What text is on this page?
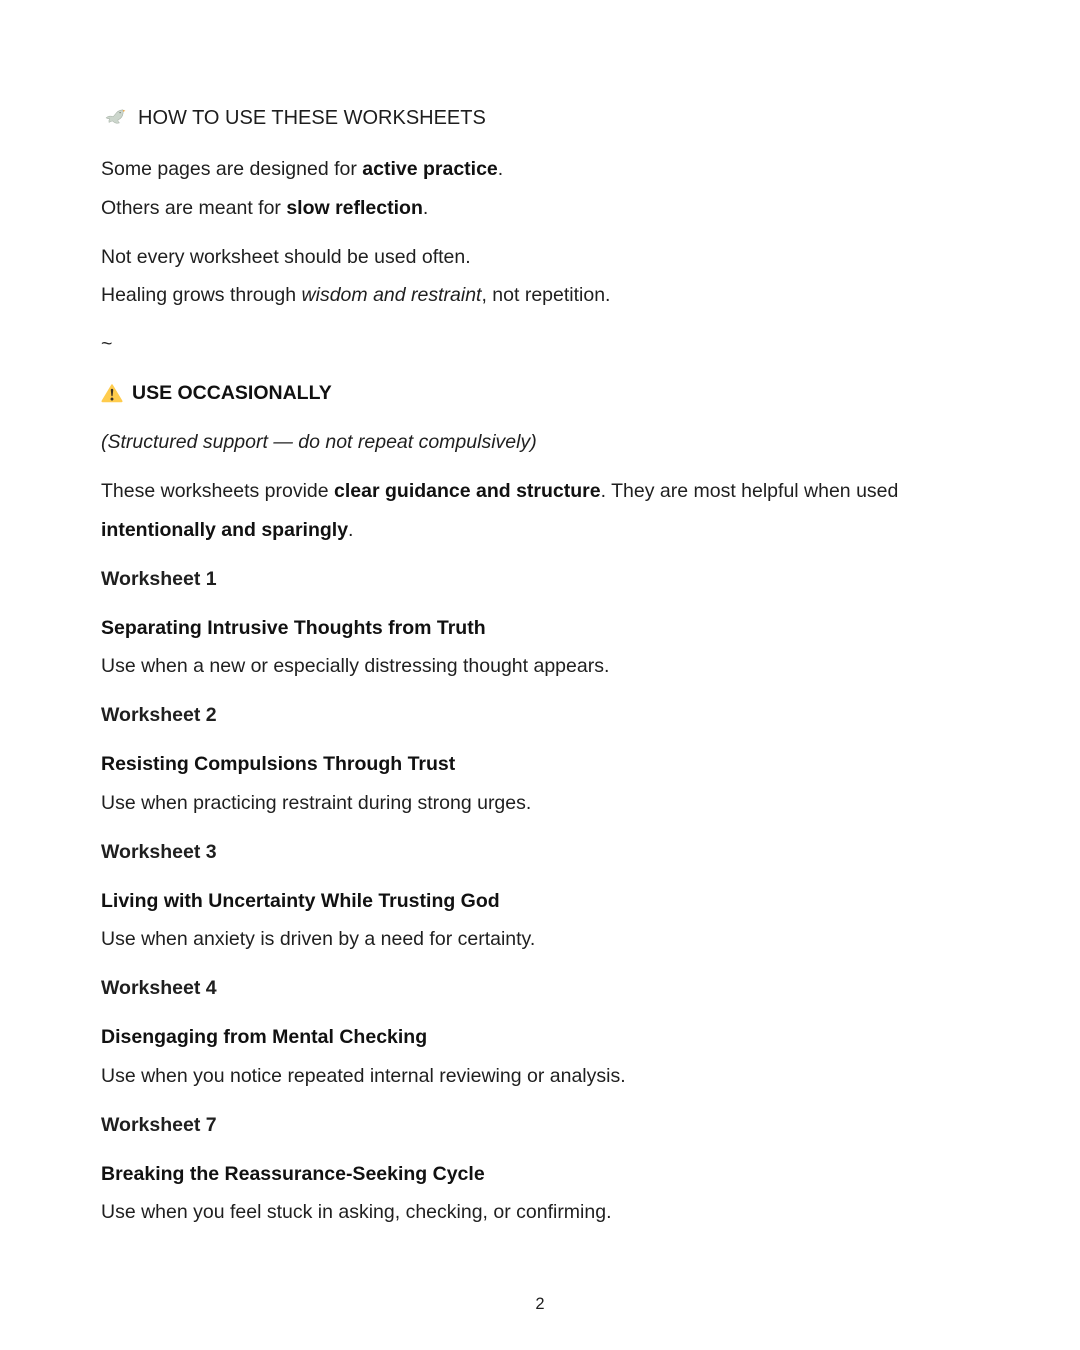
HOW TO USE THESE WORKSHEETS

Some pages are designed for active practice.
Others are meant for slow reflection.

Not every worksheet should be used often.
Healing grows through wisdom and restraint, not repetition.

~

USE OCCASIONALLY

(Structured support — do not repeat compulsively)

These worksheets provide clear guidance and structure. They are most helpful when used intentionally and sparingly.

Worksheet 1

Separating Intrusive Thoughts from Truth
Use when a new or especially distressing thought appears.

Worksheet 2

Resisting Compulsions Through Trust
Use when practicing restraint during strong urges.

Worksheet 3

Living with Uncertainty While Trusting God
Use when anxiety is driven by a need for certainty.

Worksheet 4

Disengaging from Mental Checking
Use when you notice repeated internal reviewing or analysis.

Worksheet 7

Breaking the Reassurance-Seeking Cycle
Use when you feel stuck in asking, checking, or confirming.

2
